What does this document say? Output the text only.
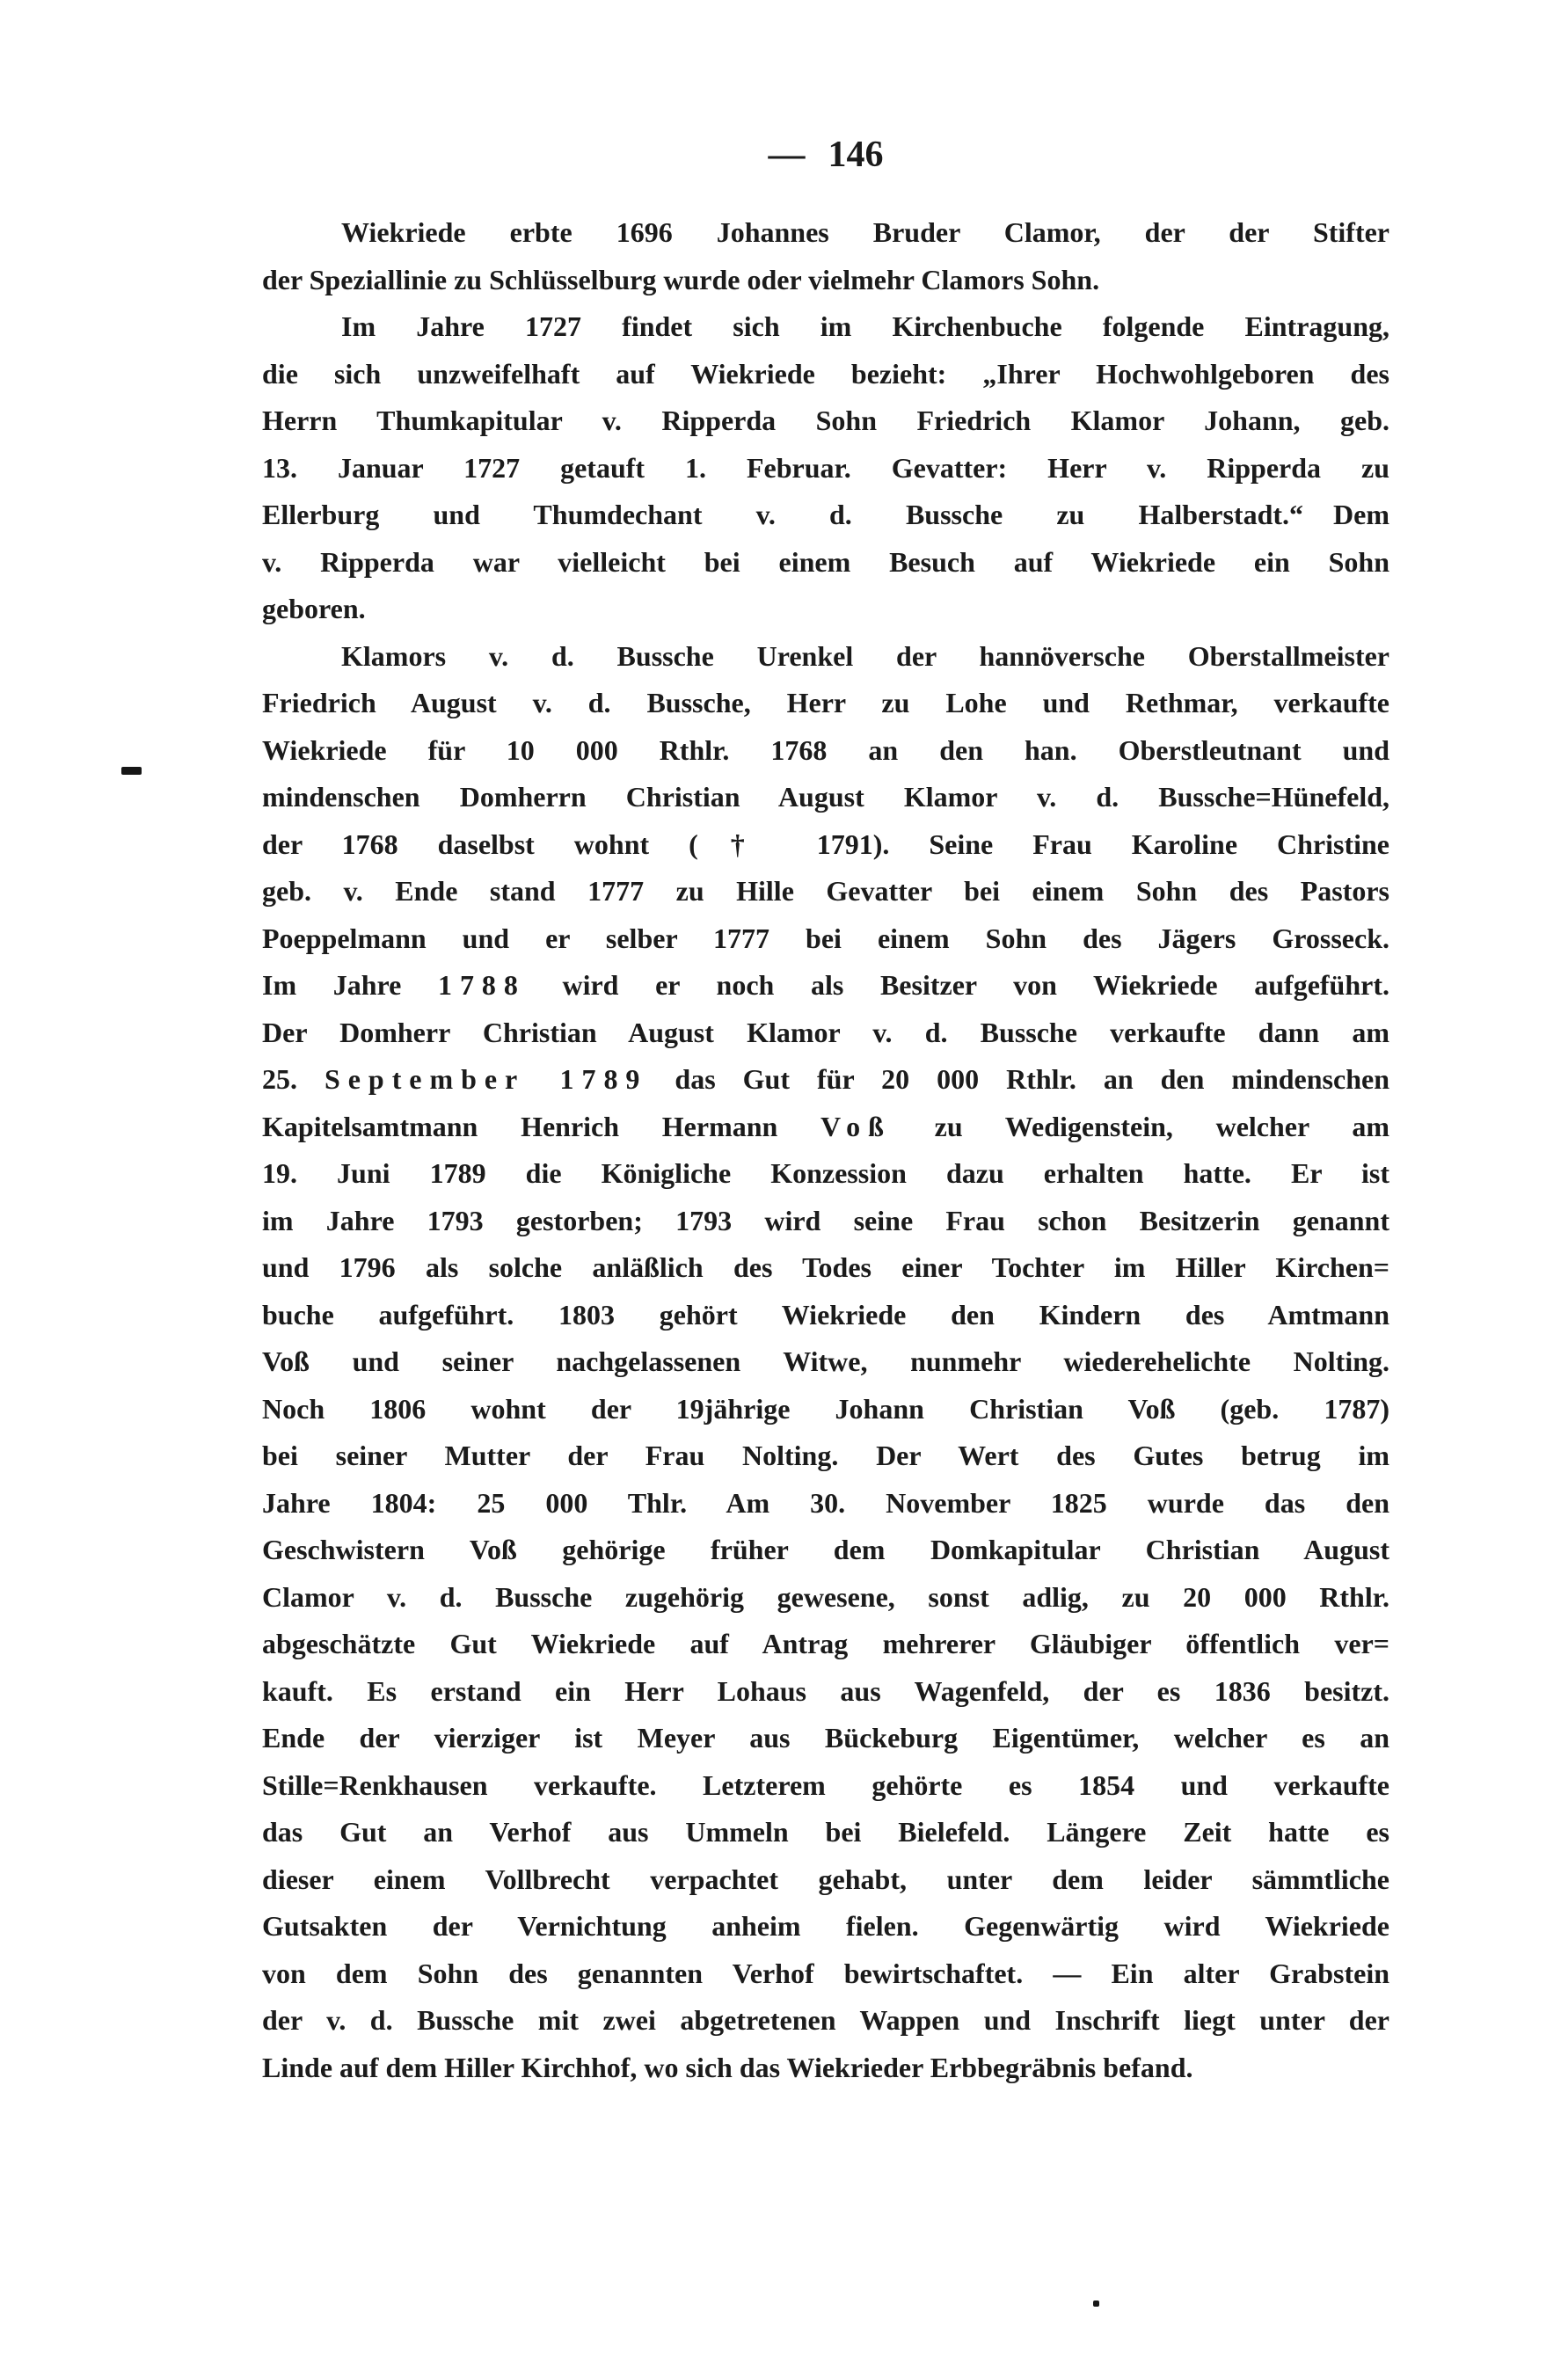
— 146
Wiekriede erbte 1696 Johannes Bruder Clamor, der der Stifter
der Speziallinie zu Schlüsselburg wurde oder vielmehr Clamors Sohn.
Im Jahre 1727 findet sich im Kirchenbuche folgende Eintragung,
die sich unzweifelhaft auf Wiekriede bezieht: „Ihrer Hochwohlgeboren des
Herrn Thumkapitular v. Ripperda Sohn Friedrich Klamor Johann, geb.
13. Januar 1727 getauft 1. Februar. Gevatter: Herr v. Ripperda zu
Ellerburg und Thumdechant v. d. Bussche zu Halberstadt.“ Dem
v. Ripperda war vielleicht bei einem Besuch auf Wiekriede ein Sohn
geboren.
Klamors v. d. Bussche Urenkel der hannöversche Oberstallmeister
Friedrich August v. d. Bussche, Herr zu Lohe und Rethmar, verkaufte
Wiekriede für 10 000 Rthlr. 1768 an den han. Oberstleutnant und
mindenschen Domherrn Christian August Klamor v. d. Bussche=Hünefeld,
der 1768 daselbst wohnt († 1791). Seine Frau Karoline Christine
geb. v. Ende stand 1777 zu Hille Gevatter bei einem Sohn des Pastors
Poeppelmann und er selber 1777 bei einem Sohn des Jägers Grosseck.
Im Jahre 1788 wird er noch als Besitzer von Wiekriede aufgeführt.
Der Domherr Christian August Klamor v. d. Bussche verkaufte dann am
25. September 1789 das Gut für 20 000 Rthlr. an den mindenschen
Kapitelsamtmann Henrich Hermann Voß zu Wedigenstein, welcher am
19. Juni 1789 die Königliche Konzession dazu erhalten hatte. Er ist
im Jahre 1793 gestorben; 1793 wird seine Frau schon Besitzerin genannt
und 1796 als solche anläßlich des Todes einer Tochter im Hiller Kirchen=
buche aufgeführt. 1803 gehört Wiekriede den Kindern des Amtmann
Voß und seiner nachgelassenen Witwe, nunmehr wiederehelichte Nolting.
Noch 1806 wohnt der 19jährige Johann Christian Voß (geb. 1787)
bei seiner Mutter der Frau Nolting. Der Wert des Gutes betrug im
Jahre 1804: 25 000 Thlr. Am 30. November 1825 wurde das den
Geschwistern Voß gehörige früher dem Domkapitular Christian August
Clamor v. d. Bussche zugehörig gewesene, sonst adlig, zu 20 000 Rthlr.
abgeschätzte Gut Wiekriede auf Antrag mehrerer Gläubiger öffentlich ver=
kauft. Es erstand ein Herr Lohaus aus Wagenfeld, der es 1836 besitzt.
Ende der vierziger ist Meyer aus Bückeburg Eigentümer, welcher es an
Stille=Renkhausen verkaufte. Letzterem gehörte es 1854 und verkaufte
das Gut an Verhof aus Ummeln bei Bielefeld. Längere Zeit hatte es
dieser einem Vollbrecht verpachtet gehabt, unter dem leider sämmtliche
Gutsakten der Vernichtung anheim fielen. Gegenwärtig wird Wiekriede
von dem Sohn des genannten Verhof bewirtschaftet. — Ein alter Grabstein
der v. d. Bussche mit zwei abgetretenen Wappen und Inschrift liegt unter der
Linde auf dem Hiller Kirchhof, wo sich das Wiekrieder Erbbegräbnis befand.
